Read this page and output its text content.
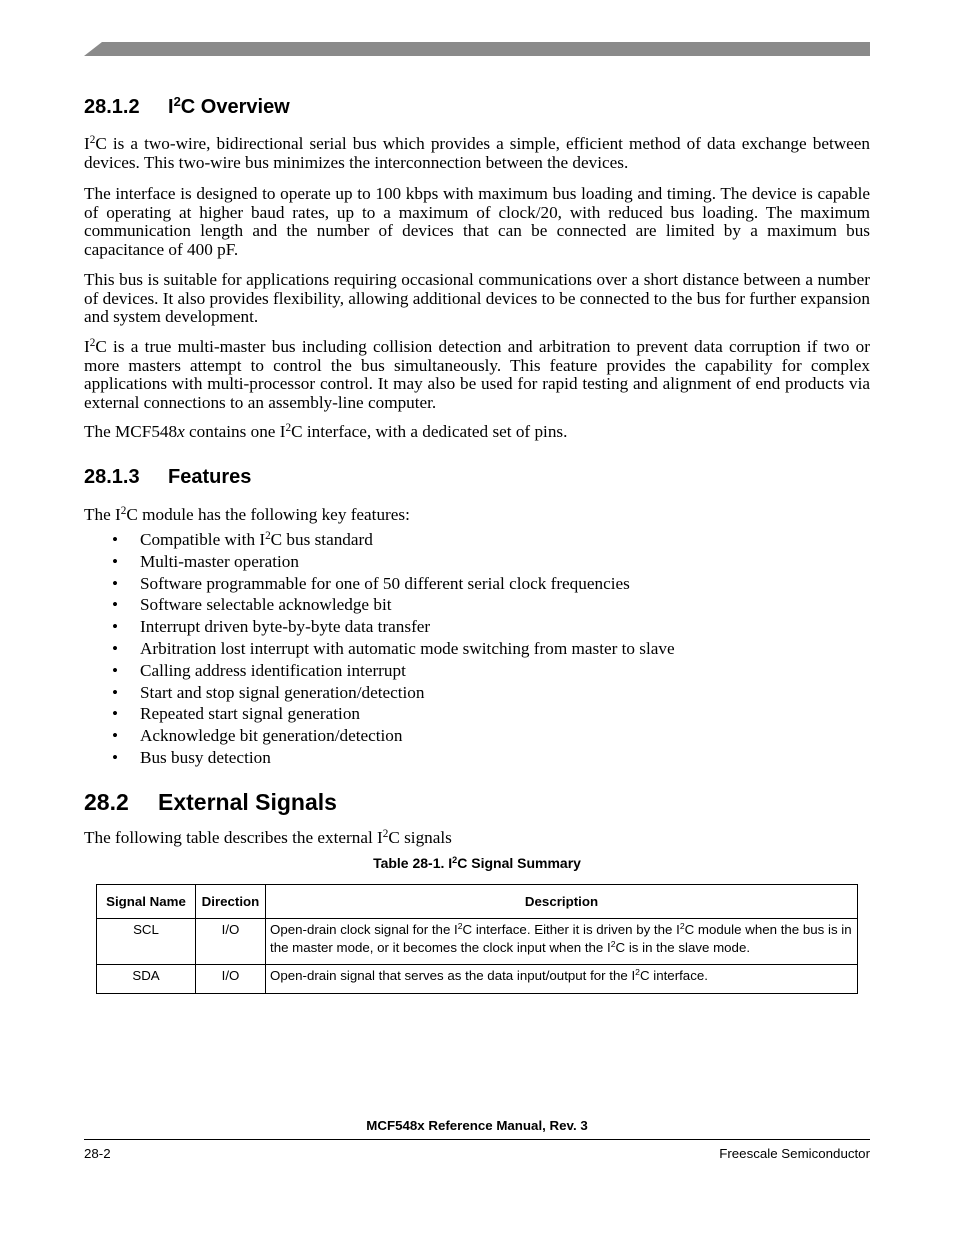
28.1.2 $I^2C$ Overview

$I^2C$ is a two-wire, bidirectional serial bus which provides a simple, efficient method of data exchange between devices. This two-wire bus minimizes the interconnection between the devices.

The interface is designed to operate up to 100 kbps with maximum bus loading and timing. The device is capable of operating at higher baud rates, up to a maximum of clock/20, with reduced bus loading. The maximum communication length and the number of devices that can be connected are limited by a maximum bus capacitance of 400 pF.

This bus is suitable for applications requiring occasional communications over a short distance between a number of devices. It also provides flexibility, allowing additional devices to be connected to the bus for further expansion and system development.

$I^2C$ is a true multi-master bus including collision detection and arbitration to prevent data corruption if two or more masters attempt to control the bus simultaneously. This feature provides the capability for complex applications with multi-processor control. It may also be used for rapid testing and alignment of end products via external connections to an assembly-line computer.

The MCF548x contains one $I^2C$ interface, with a dedicated set of pins.

28.1.3 Features

The $I^2C$ module has the following key features:

• Compatible with $I^2C$ bus standard
• Multi-master operation
• Software programmable for one of 50 different serial clock frequencies
• Software selectable acknowledge bit
• Interrupt driven byte-by-byte data transfer
• Arbitration lost interrupt with automatic mode switching from master to slave
• Calling address identification interrupt
• Start and stop signal generation/detection
• Repeated start signal generation
• Acknowledge bit generation/detection
• Bus busy detection
28.2 External Signals

The following table describes the external $I^2C$ signals

Table 28-1. $I^2C$ Signal Summary
Signal Name	Direction	Description
SCL	I/O	Open-drain clock signal for the $I^2C$ interface. Either it is driven by the $I^2C$ module when the bus is in the master mode, or it becomes the clock input when the $I^2C$ is in the slave mode.
SDA	I/O	Open-drain signal that serves as the data input/output for the $I^2C$ interface.
MCF548x Reference Manual, Rev. 3
28-2	Freescale Semiconductor
